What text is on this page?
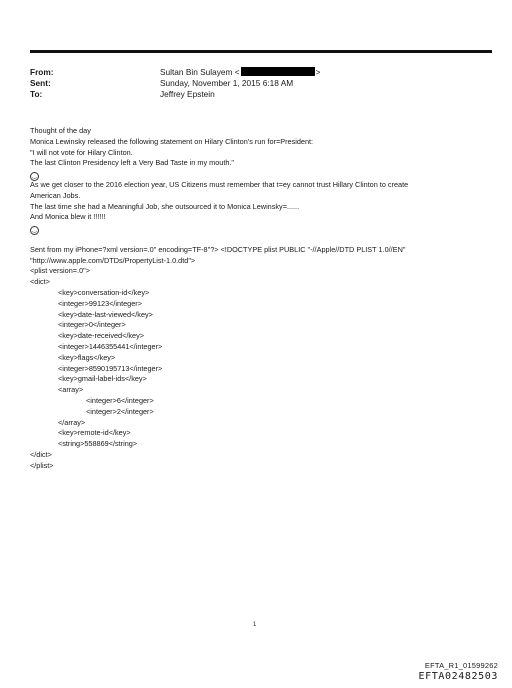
From:	Sultan Bin Sulayem <	>
Sent:	Sunday, November 1, 2015 6:18 AM
To:	Jeffrey Epstein
Thought of the day
Monica Lewinsky released the following statement on Hilary Clinton's run for=President:
"I will not vote for Hilary Clinton.
The last Clinton Presidency left a Very Bad Taste in my mouth."
‿
As we get closer to the 2016 election year, US Citizens must remember that t=ey cannot trust Hillary Clinton to create
American Jobs.
The last time she had a Meaningful Job, she outsourced it to Monica Lewinsky=......
And Monica blew it !!!!!!
‿
Sent from my iPhone=?xml version=.0" encoding=TF-8"?> <!DOCTYPE plist PUBLIC "-//Apple//DTD PLIST 1.0//EN"
"http://www.apple.com/DTDs/PropertyList-1.0.dtd">
<plist version=.0">
<dict>
<key>conversation-id</key>
<integer>99123</integer>
<key>date-last-viewed</key>
<integer>0</integer>
<key>date-received</key>
<integer>1446355441</integer>
<key>flags</key>
<integer>8590195713</integer>
<key>gmail-label-ids</key>
<array>
<integer>6</integer>
<integer>2</integer>
</array>
<key>remote-id</key>
<string>558869</string>
</dict>
</plist>
1
EFTA_R1_01599262
EFTA02482503
